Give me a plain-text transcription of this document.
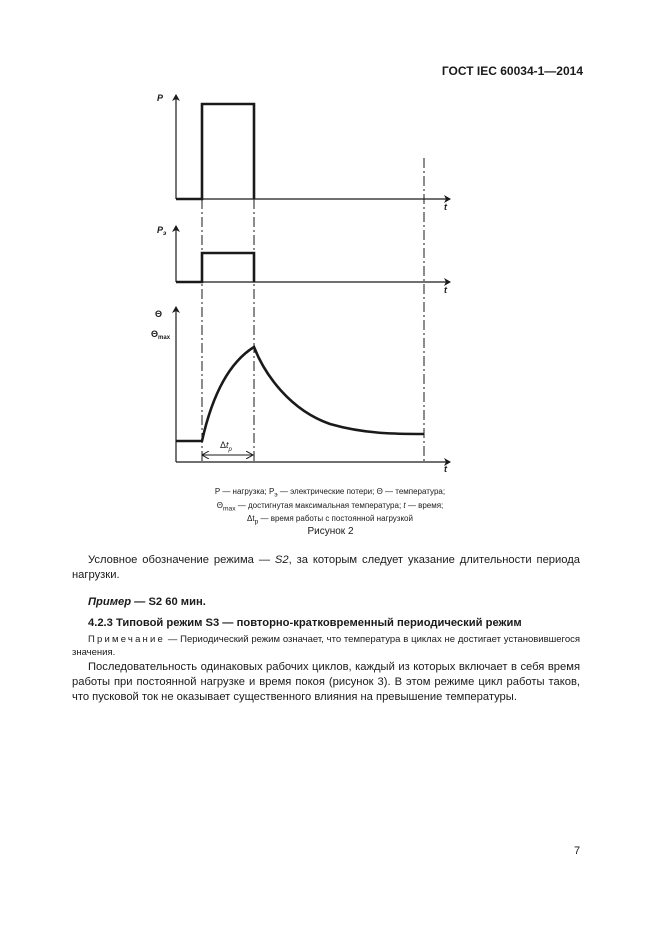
ГОСТ IEC 60034-1—2014
P
t
$P_э$
t
Θ
$\Theta_{max}$
t
$\Delta t_p$
P — нагрузка; $P_э$ — электрические потери; Θ — температура;
$\Theta_{max}$ — достигнутая максимальная температура; t — время;
$\Delta t_p$ — время работы с постоянной нагрузкой
Рисунок 2

Условное обозначение режима — S2, за которым следует указание длительности периода нагрузки.

Пример — S2 60 мин.

4.2.3 Типовой режим S3 — повторно-кратковременный периодический режим

Примечание — Периодический режим означает, что температура в циклах не достигает установившегося значения.

Последовательность одинаковых рабочих циклов, каждый из которых включает в себя время работы при постоянной нагрузке и время покоя (рисунок 3). В этом режиме цикл работы таков, что пусковой ток не оказывает существенного влияния на превышение температуры.

7
